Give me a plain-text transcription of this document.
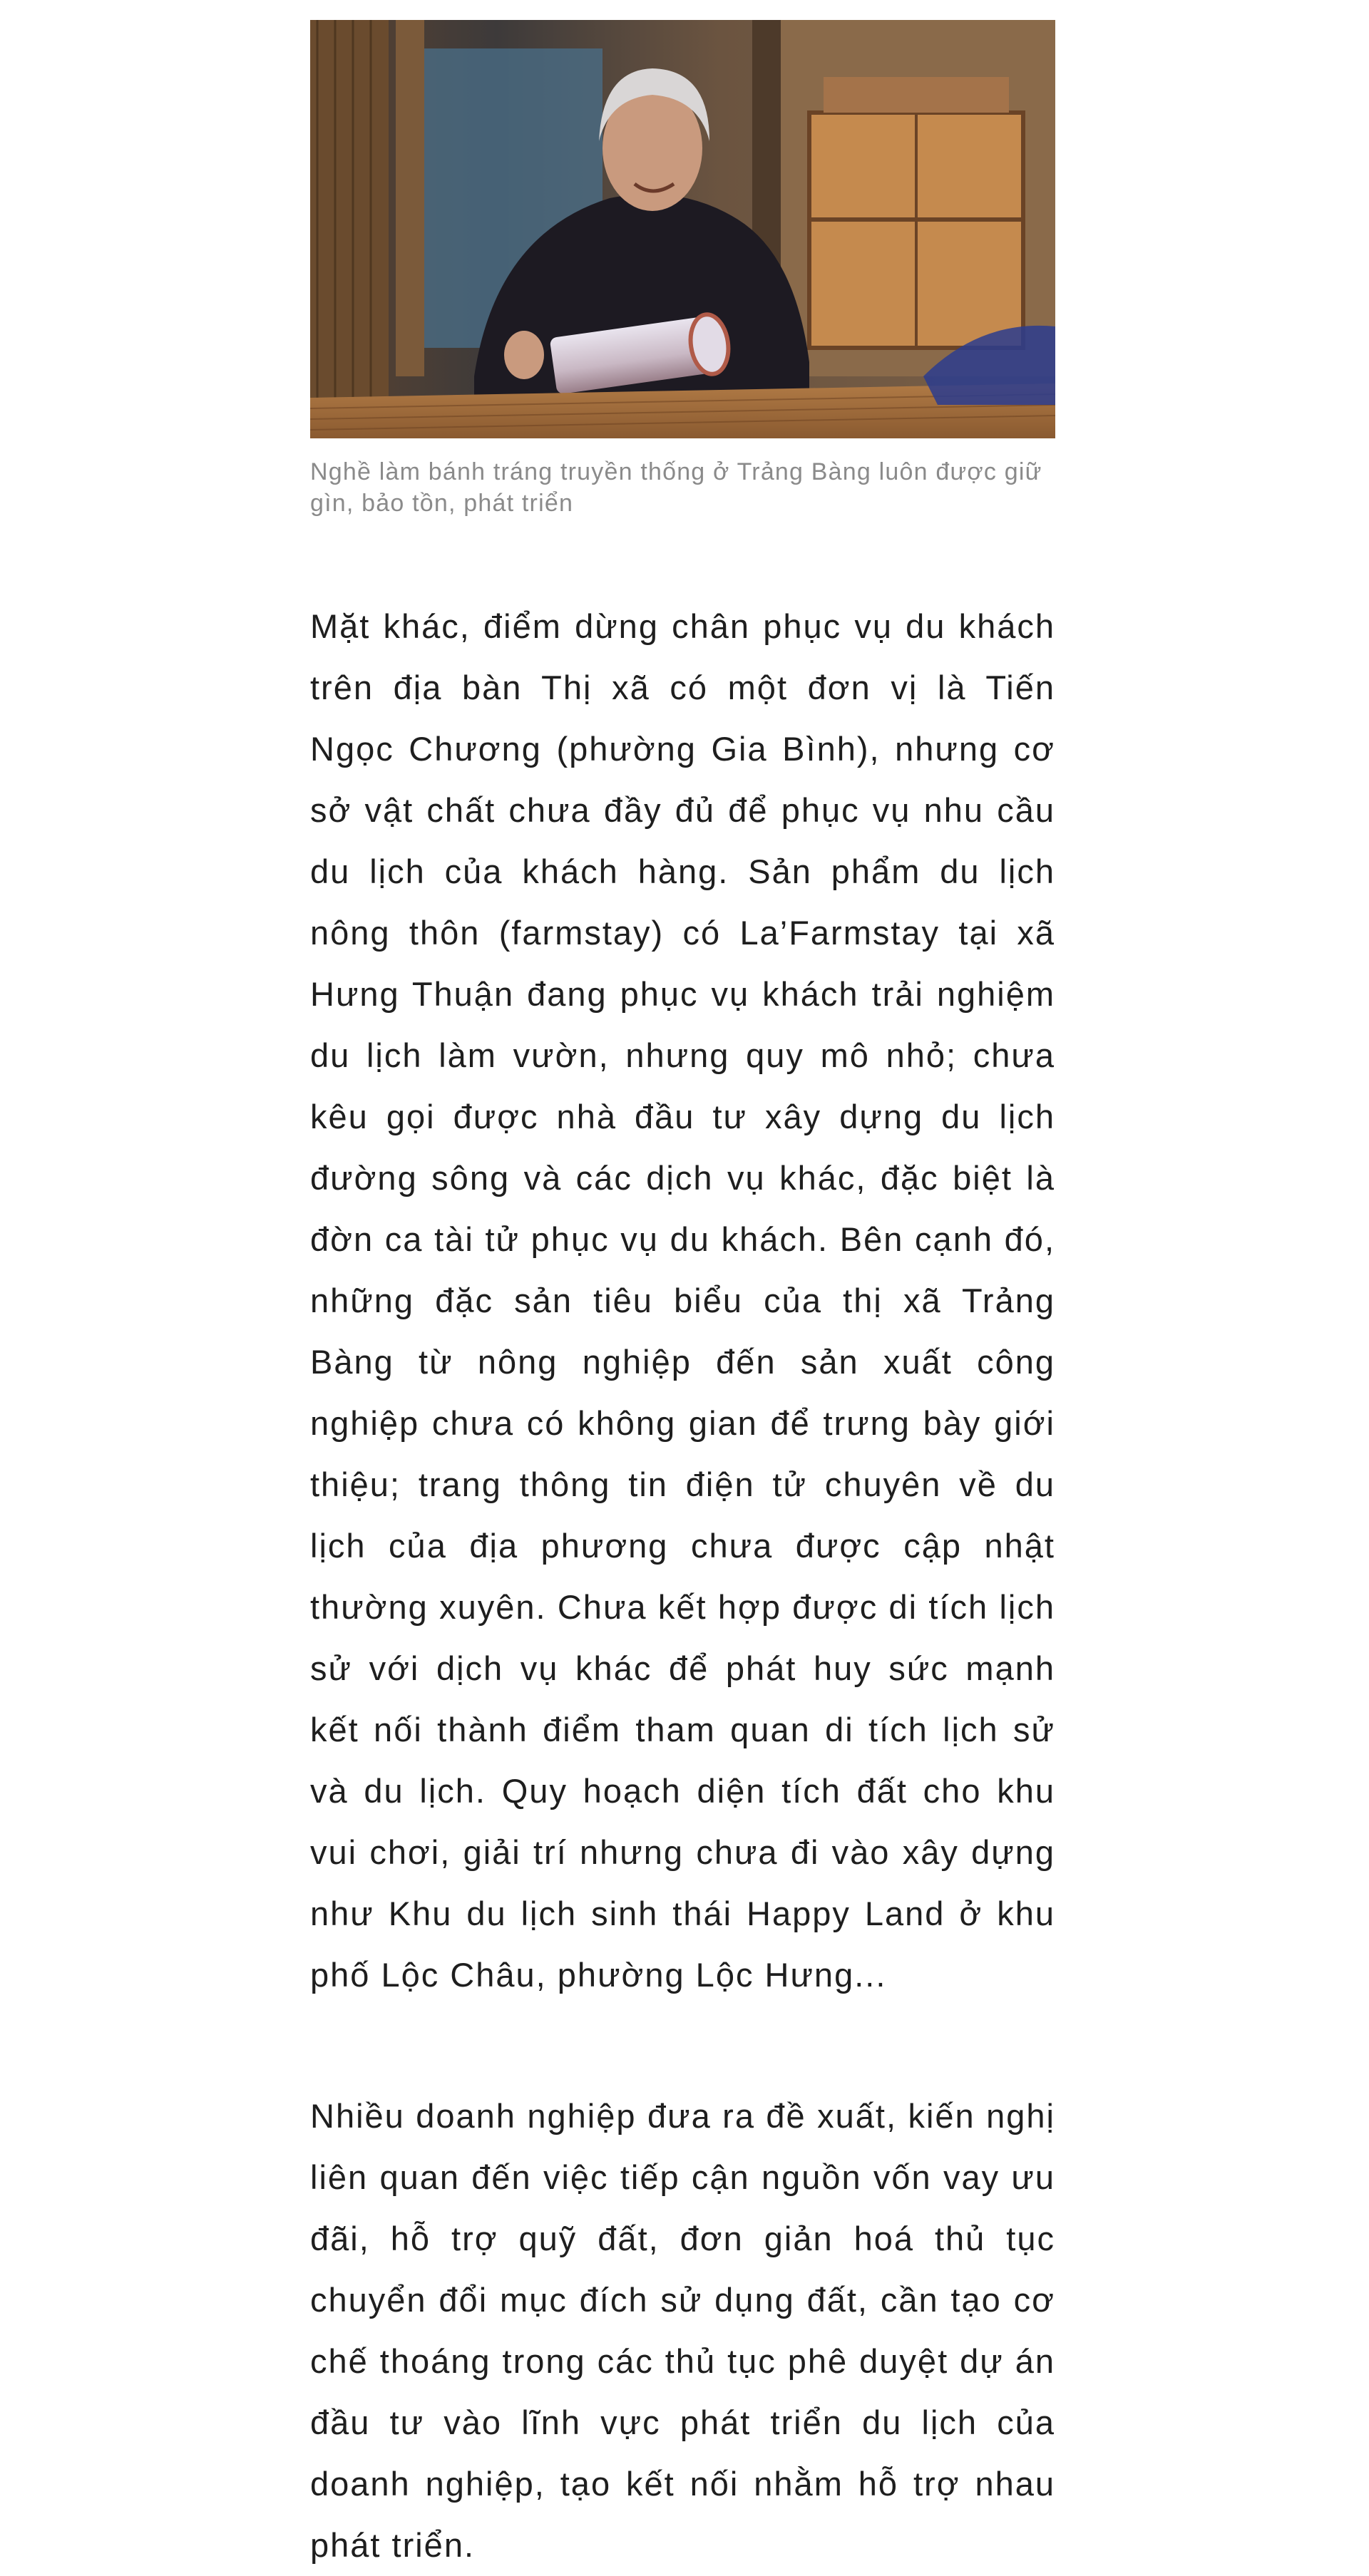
Nghề làm bánh tráng truyền thống ở Trảng Bàng luôn được giữ gìn, bảo tồn, phát triển

Mặt khác, điểm dừng chân phục vụ du khách trên địa bàn Thị xã có một đơn vị là Tiến Ngọc Chương (phường Gia Bình), nhưng cơ sở vật chất chưa đầy đủ để phục vụ nhu cầu du lịch của khách hàng. Sản phẩm du lịch nông thôn (farmstay) có La’Farmstay tại xã Hưng Thuận đang phục vụ khách trải nghiệm du lịch làm vườn, nhưng quy mô nhỏ; chưa kêu gọi được nhà đầu tư xây dựng du lịch đường sông và các dịch vụ khác, đặc biệt là đờn ca tài tử phục vụ du khách. Bên cạnh đó, những đặc sản tiêu biểu của thị xã Trảng Bàng từ nông nghiệp đến sản xuất công nghiệp chưa có không gian để trưng bày giới thiệu; trang thông tin điện tử chuyên về du lịch của địa phương chưa được cập nhật thường xuyên. Chưa kết hợp được di tích lịch sử với dịch vụ khác để phát huy sức mạnh kết nối thành điểm tham quan di tích lịch sử và du lịch. Quy hoạch diện tích đất cho khu vui chơi, giải trí nhưng chưa đi vào xây dựng như Khu du lịch sinh thái Happy Land ở khu phố Lộc Châu, phường Lộc Hưng...

Nhiều doanh nghiệp đưa ra đề xuất, kiến nghị liên quan đến việc tiếp cận nguồn vốn vay ưu đãi, hỗ trợ quỹ đất, đơn giản hoá thủ tục chuyển đổi mục đích sử dụng đất, cần tạo cơ chế thoáng trong các thủ tục phê duyệt dự án đầu tư vào lĩnh vực phát triển du lịch của doanh nghiệp, tạo kết nối nhằm hỗ trợ nhau phát triển.
